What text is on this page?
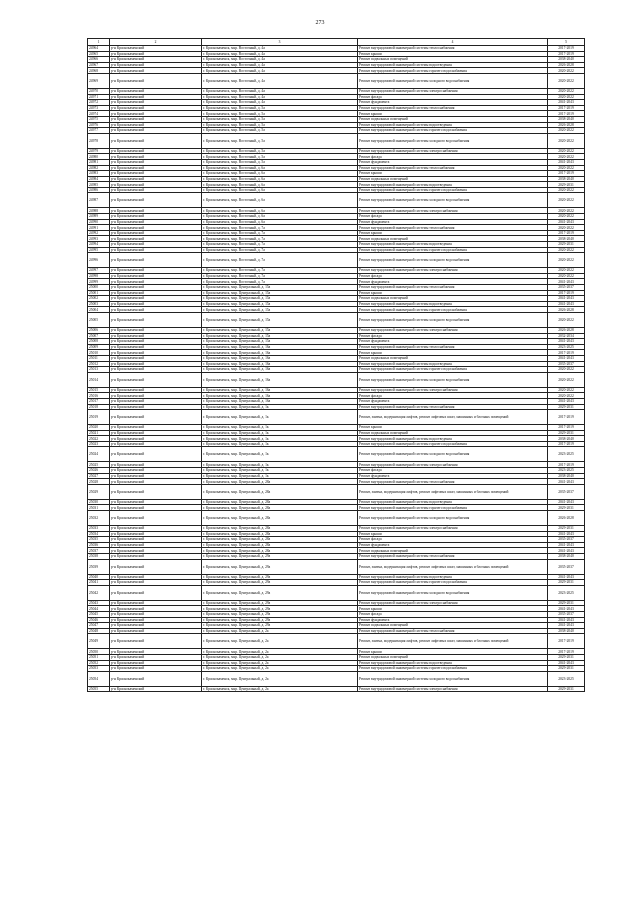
273
1	2	3	4	5
24964	р-н Краснокаменский	г. Краснокаменск, мкр. Восточный, д. 4а	Ремонт внутридомовой инженерной системы теплоснабжения	2017-2019
24965	р-н Краснокаменский	г. Краснокаменск, мкр. Восточный, д. 4а	Ремонт крыши	2017-2019
24966	р-н Краснокаменский	г. Краснокаменск, мкр. Восточный, д. 4а	Ремонт подвальных помещений	2038-2040
24967	р-н Краснокаменский	г. Краснокаменск, мкр. Восточный, д. 4а	Ремонт внутридомовой инженерной системы водоотведения	2026-2028
24968	р-н Краснокаменский	г. Краснокаменск, мкр. Восточный, д. 4а	Ремонт внутридомовой инженерной системы горячего водоснабжения	2020-2022
24969	р-н Краснокаменский	г. Краснокаменск, мкр. Восточный, д. 4а	Ремонт внутридомовой инженерной системы холодного водоснабжения	2020-2022
24970	р-н Краснокаменский	г. Краснокаменск, мкр. Восточный, д. 4а	Ремонт внутридомовой инженерной системы электроснабжения	2020-2022
24971	р-н Краснокаменский	г. Краснокаменск, мкр. Восточный, д. 4а	Ремонт фасада	2020-2022
24972	р-н Краснокаменский	г. Краснокаменск, мкр. Восточный, д. 4а	Ремонт фундамента	2041-2043
24973	р-н Краснокаменский	г. Краснокаменск, мкр. Восточный, д. 5а	Ремонт внутридомовой инженерной системы теплоснабжения	2017-2019
24974	р-н Краснокаменский	г. Краснокаменск, мкр. Восточный, д. 5а	Ремонт крыши	2017-2019
24975	р-н Краснокаменский	г. Краснокаменск, мкр. Восточный, д. 5а	Ремонт подвальных помещений	2038-2040
24976	р-н Краснокаменский	г. Краснокаменск, мкр. Восточный, д. 5а	Ремонт внутридомовой инженерной системы водоотведения	2026-2028
24977	р-н Краснокаменский	г. Краснокаменск, мкр. Восточный, д. 5а	Ремонт внутридомовой инженерной системы горячего водоснабжения	2020-2022
24978	р-н Краснокаменский	г. Краснокаменск, мкр. Восточный, д. 5а	Ремонт внутридомовой инженерной системы холодного водоснабжения	2020-2022
24979	р-н Краснокаменский	г. Краснокаменск, мкр. Восточный, д. 5а	Ремонт внутридомовой инженерной системы электроснабжения	2020-2022
24980	р-н Краснокаменский	г. Краснокаменск, мкр. Восточный, д. 5а	Ремонт фасада	2020-2022
24981	р-н Краснокаменский	г. Краснокаменск, мкр. Восточный, д. 5а	Ремонт фундамента	2041-2043
24982	р-н Краснокаменский	г. Краснокаменск, мкр. Восточный, д. 6а	Ремонт внутридомовой инженерной системы теплоснабжения	2020-2022
24983	р-н Краснокаменский	г. Краснокаменск, мкр. Восточный, д. 6а	Ремонт крыши	2017-2019
24984	р-н Краснокаменский	г. Краснокаменск, мкр. Восточный, д. 6а	Ремонт подвальных помещений	2038-2040
24985	р-н Краснокаменский	г. Краснокаменск, мкр. Восточный, д. 6а	Ремонт внутридомовой инженерной системы водоотведения	2029-2031
24986	р-н Краснокаменский	г. Краснокаменск, мкр. Восточный, д. 6а	Ремонт внутридомовой инженерной системы горячего водоснабжения	2020-2022
24987	р-н Краснокаменский	г. Краснокаменск, мкр. Восточный, д. 6а	Ремонт внутридомовой инженерной системы холодного водоснабжения	2020-2022
24988	р-н Краснокаменский	г. Краснокаменск, мкр. Восточный, д. 6а	Ремонт внутридомовой инженерной системы электроснабжения	2020-2022
24989	р-н Краснокаменский	г. Краснокаменск, мкр. Восточный, д. 6а	Ремонт фасада	2020-2022
24990	р-н Краснокаменский	г. Краснокаменск, мкр. Восточный, д. 6а	Ремонт фундамента	2041-2043
24991	р-н Краснокаменский	г. Краснокаменск, мкр. Восточный, д. 7а	Ремонт внутридомовой инженерной системы теплоснабжения	2020-2022
24992	р-н Краснокаменский	г. Краснокаменск, мкр. Восточный, д. 7а	Ремонт крыши	2017-2019
24993	р-н Краснокаменский	г. Краснокаменск, мкр. Восточный, д. 7а	Ремонт подвальных помещений	2038-2040
24994	р-н Краснокаменский	г. Краснокаменск, мкр. Восточный, д. 7а	Ремонт внутридомовой инженерной системы водоотведения	2029-2031
24995	р-н Краснокаменский	г. Краснокаменск, мкр. Восточный, д. 7а	Ремонт внутридомовой инженерной системы горячего водоснабжения	2020-2022
24996	р-н Краснокаменский	г. Краснокаменск, мкр. Восточный, д. 7а	Ремонт внутридомовой инженерной системы холодного водоснабжения	2020-2022
24997	р-н Краснокаменский	г. Краснокаменск, мкр. Восточный, д. 7а	Ремонт внутридомовой инженерной системы электроснабжения	2020-2022
24998	р-н Краснокаменский	г. Краснокаменск, мкр. Восточный, д. 7а	Ремонт фасада	2020-2022
24999	р-н Краснокаменский	г. Краснокаменск, мкр. Восточный, д. 7а	Ремонт фундамента	2041-2043
25000	р-н Краснокаменский	г. Краснокаменск, мкр. Центральный, д. 15а	Ремонт внутридомовой инженерной системы теплоснабжения	2035-2037
25001	р-н Краснокаменский	г. Краснокаменск, мкр. Центральный, д. 15а	Ремонт крыши	2017-2019
25002	р-н Краснокаменский	г. Краснокаменск, мкр. Центральный, д. 15а	Ремонт подвальных помещений	2041-2043
25003	р-н Краснокаменский	г. Краснокаменск, мкр. Центральный, д. 15а	Ремонт внутридомовой инженерной системы водоотведения	2041-2043
25004	р-н Краснокаменский	г. Краснокаменск, мкр. Центральный, д. 15а	Ремонт внутридомовой инженерной системы горячего водоснабжения	2026-2028
25005	р-н Краснокаменский	г. Краснокаменск, мкр. Центральный, д. 15а	Ремонт внутридомовой инженерной системы холодного водоснабжения	2020-2022
25006	р-н Краснокаменский	г. Краснокаменск, мкр. Центральный, д. 15а	Ремонт внутридомовой инженерной системы электроснабжения	2026-2028
25007	р-н Краснокаменский	г. Краснокаменск, мкр. Центральный, д. 15а	Ремонт фасада	2032-2034
25008	р-н Краснокаменский	г. Краснокаменск, мкр. Центральный, д. 15а	Ремонт фундамента	2041-2043
25009	р-н Краснокаменский	г. Краснокаменск, мкр. Центральный, д. 16а	Ремонт внутридомовой инженерной системы теплоснабжения	2023-2025
25010	р-н Краснокаменский	г. Краснокаменск, мкр. Центральный, д. 16а	Ремонт крыши	2017-2019
25011	р-н Краснокаменский	г. Краснокаменск, мкр. Центральный, д. 16а	Ремонт подвальных помещений	2041-2043
25012	р-н Краснокаменский	г. Краснокаменск, мкр. Центральный, д. 16а	Ремонт внутридомовой инженерной системы водоотведения	2035-2037
25013	р-н Краснокаменский	г. Краснокаменск, мкр. Центральный, д. 16а	Ремонт внутридомовой инженерной системы горячего водоснабжения	2020-2022
25014	р-н Краснокаменский	г. Краснокаменск, мкр. Центральный, д. 16а	Ремонт внутридомовой инженерной системы холодного водоснабжения	2020-2022
25015	р-н Краснокаменский	г. Краснокаменск, мкр. Центральный, д. 16а	Ремонт внутридомовой инженерной системы электроснабжения	2020-2022
25016	р-н Краснокаменский	г. Краснокаменск, мкр. Центральный, д. 16а	Ремонт фасада	2020-2022
25017	р-н Краснокаменский	г. Краснокаменск, мкр. Центральный, д. 16а	Ремонт фундамента	2041-2043
25018	р-н Краснокаменский	г. Краснокаменск, мкр. Центральный, д. 1к	Ремонт внутридомовой инженерной системы теплоснабжения	2029-2031
25019	р-н Краснокаменский	г. Краснокаменск, мкр. Центральный, д. 1к	Ремонт, замена, модернизация лифтов, ремонт лифтовых шахт, машинных и блочных помещений	2017-2019
25020	р-н Краснокаменский	г. Краснокаменск, мкр. Центральный, д. 1к	Ремонт крыши	2017-2019
25021	р-н Краснокаменский	г. Краснокаменск, мкр. Центральный, д. 1к	Ремонт подвальных помещений	2029-2031
25022	р-н Краснокаменский	г. Краснокаменск, мкр. Центральный, д. 1к	Ремонт внутридомовой инженерной системы водоотведения	2038-2040
25023	р-н Краснокаменский	г. Краснокаменск, мкр. Центральный, д. 1к	Ремонт внутридомовой инженерной системы горячего водоснабжения	2017-2019
25024	р-н Краснокаменский	г. Краснокаменск, мкр. Центральный, д. 1к	Ремонт внутридомовой инженерной системы холодного водоснабжения	2023-2025
25025	р-н Краснокаменский	г. Краснокаменск, мкр. Центральный, д. 1к	Ремонт внутридомовой инженерной системы электроснабжения	2017-2019
25026	р-н Краснокаменский	г. Краснокаменск, мкр. Центральный, д. 1к	Ремонт фасада	2023-2025
25027	р-н Краснокаменский	г. Краснокаменск, мкр. Центральный, д. 1к	Ремонт фундамента	2038-2040
25028	р-н Краснокаменский	г. Краснокаменск, мкр. Центральный, д. 28а	Ремонт внутридомовой инженерной системы теплоснабжения	2041-2043
25029	р-н Краснокаменский	г. Краснокаменск, мкр. Центральный, д. 28а	Ремонт, замена, модернизация лифтов, ремонт лифтовых шахт, машинных и блочных помещений	2035-2037
25030	р-н Краснокаменский	г. Краснокаменск, мкр. Центральный, д. 28а	Ремонт внутридомовой инженерной системы водоотведения	2041-2043
25031	р-н Краснокаменский	г. Краснокаменск, мкр. Центральный, д. 28а	Ремонт внутридомовой инженерной системы горячего водоснабжения	2029-2031
25032	р-н Краснокаменский	г. Краснокаменск, мкр. Центральный, д. 28а	Ремонт внутридомовой инженерной системы холодного водоснабжения	2026-2028
25033	р-н Краснокаменский	г. Краснокаменск, мкр. Центральный, д. 28а	Ремонт внутридомовой инженерной системы электроснабжения	2029-2031
25034	р-н Краснокаменский	г. Краснокаменск, мкр. Центральный, д. 28а	Ремонт крыши	2041-2043
25035	р-н Краснокаменский	г. Краснокаменск, мкр. Центральный, д. 28а	Ремонт фасада	2035-2037
25036	р-н Краснокаменский	г. Краснокаменск, мкр. Центральный, д. 28а	Ремонт фундамента	2041-2043
25037	р-н Краснокаменский	г. Краснокаменск, мкр. Центральный, д. 28а	Ремонт подвальных помещений	2041-2043
25038	р-н Краснокаменский	г. Краснокаменск, мкр. Центральный, д. 29а	Ремонт внутридомовой инженерной системы теплоснабжения	2038-2040
25039	р-н Краснокаменский	г. Краснокаменск, мкр. Центральный, д. 29а	Ремонт, замена, модернизация лифтов, ремонт лифтовых шахт, машинных и блочных помещений	2035-2037
25040	р-н Краснокаменский	г. Краснокаменск, мкр. Центральный, д. 29а	Ремонт внутридомовой инженерной системы водоотведения	2041-2043
25041	р-н Краснокаменский	г. Краснокаменск, мкр. Центральный, д. 29а	Ремонт внутридомовой инженерной системы горячего водоснабжения	2029-2031
25042	р-н Краснокаменский	г. Краснокаменск, мкр. Центральный, д. 29а	Ремонт внутридомовой инженерной системы холодного водоснабжения	2023-2025
25043	р-н Краснокаменский	г. Краснокаменск, мкр. Центральный, д. 29а	Ремонт внутридомовой инженерной системы электроснабжения	2029-2031
25044	р-н Краснокаменский	г. Краснокаменск, мкр. Центральный, д. 29а	Ремонт крыши	2041-2043
25045	р-н Краснокаменский	г. Краснокаменск, мкр. Центральный, д. 29а	Ремонт фасада	2035-2037
25046	р-н Краснокаменский	г. Краснокаменск, мкр. Центральный, д. 29а	Ремонт фундамента	2041-2043
25047	р-н Краснокаменский	г. Краснокаменск, мкр. Центральный, д. 29а	Ремонт подвальных помещений	2041-2043
25048	р-н Краснокаменский	г. Краснокаменск, мкр. Центральный, д. 2а	Ремонт внутридомовой инженерной системы теплоснабжения	2038-2040
25049	р-н Краснокаменский	г. Краснокаменск, мкр. Центральный, д. 2а	Ремонт, замена, модернизация лифтов, ремонт лифтовых шахт, машинных и блочных помещений	2017-2019
25050	р-н Краснокаменский	г. Краснокаменск, мкр. Центральный, д. 2а	Ремонт крыши	2017-2019
25051	р-н Краснокаменский	г. Краснокаменск, мкр. Центральный, д. 2а	Ремонт подвальных помещений	2029-2031
25052	р-н Краснокаменский	г. Краснокаменск, мкр. Центральный, д. 2а	Ремонт внутридомовой инженерной системы водоотведения	2041-2043
25053	р-н Краснокаменский	г. Краснокаменск, мкр. Центральный, д. 2а	Ремонт внутридомовой инженерной системы горячего водоснабжения	2029-2031
25054	р-н Краснокаменский	г. Краснокаменск, мкр. Центральный, д. 2а	Ремонт внутридомовой инженерной системы холодного водоснабжения	2023-2025
25055	р-н Краснокаменский	г. Краснокаменск, мкр. Центральный, д. 2а	Ремонт внутридомовой инженерной системы электроснабжения	2029-2031
